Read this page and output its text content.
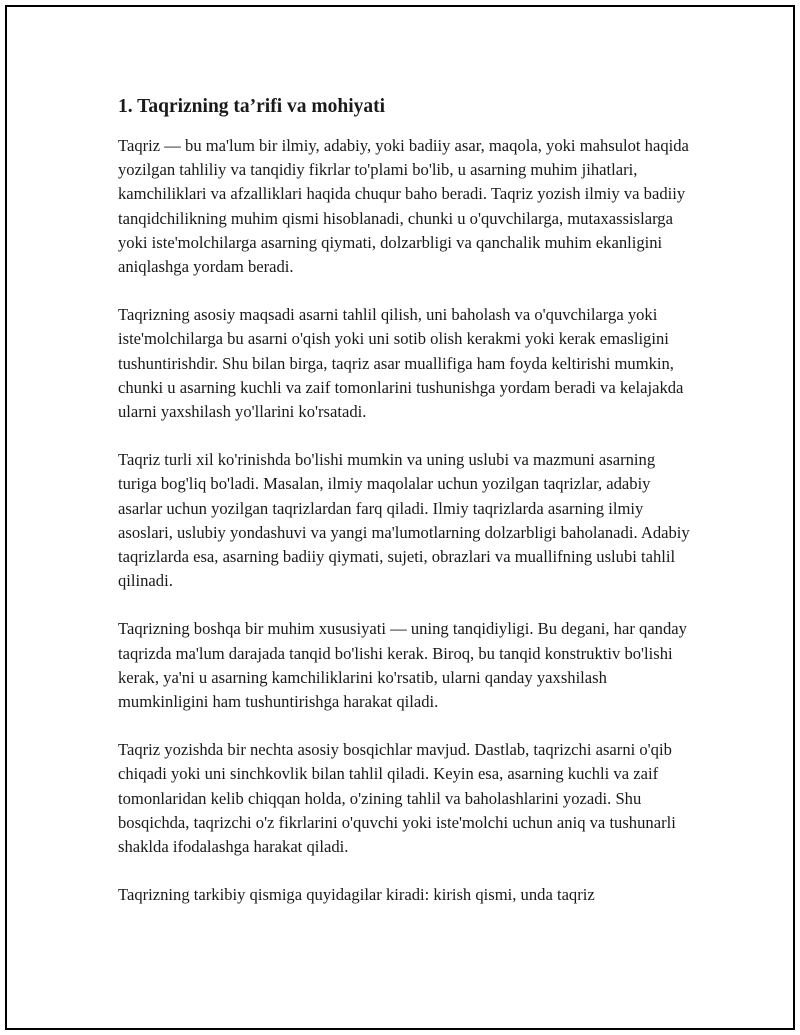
1. Taqrizning ta’rifi va mohiyati

Taqriz — bu ma'lum bir ilmiy, adabiy, yoki badiiy asar, maqola, yoki mahsulot haqida yozilgan tahliliy va tanqidiy fikrlar to'plami bo'lib, u asarning muhim jihatlari, kamchiliklari va afzalliklari haqida chuqur baho beradi. Taqriz yozish ilmiy va badiiy tanqidchilikning muhim qismi hisoblanadi, chunki u o'quvchilarga, mutaxassislarga yoki iste'molchilarga asarning qiymati, dolzarbligi va qanchalik muhim ekanligini aniqlashga yordam beradi.

Taqrizning asosiy maqsadi asarni tahlil qilish, uni baholash va o'quvchilarga yoki iste'molchilarga bu asarni o'qish yoki uni sotib olish kerakmi yoki kerak emasligini tushuntirishdir. Shu bilan birga, taqriz asar muallifiga ham foyda keltirishi mumkin, chunki u asarning kuchli va zaif tomonlarini tushunishga yordam beradi va kelajakda ularni yaxshilash yo'llarini ko'rsatadi.

Taqriz turli xil ko'rinishda bo'lishi mumkin va uning uslubi va mazmuni asarning turiga bog'liq bo'ladi. Masalan, ilmiy maqolalar uchun yozilgan taqrizlar, adabiy asarlar uchun yozilgan taqrizlardan farq qiladi. Ilmiy taqrizlarda asarning ilmiy asoslari, uslubiy yondashuvi va yangi ma'lumotlarning dolzarbligi baholanadi. Adabiy taqrizlarda esa, asarning badiiy qiymati, sujeti, obrazlari va muallifning uslubi tahlil qilinadi.

Taqrizning boshqa bir muhim xususiyati — uning tanqidiyligi. Bu degani, har qanday taqrizda ma'lum darajada tanqid bo'lishi kerak. Biroq, bu tanqid konstruktiv bo'lishi kerak, ya'ni u asarning kamchiliklarini ko'rsatib, ularni qanday yaxshilash mumkinligini ham tushuntirishga harakat qiladi.

Taqriz yozishda bir nechta asosiy bosqichlar mavjud. Dastlab, taqrizchi asarni o'qib chiqadi yoki uni sinchkovlik bilan tahlil qiladi. Keyin esa, asarning kuchli va zaif tomonlaridan kelib chiqqan holda, o'zining tahlil va baholashlarini yozadi. Shu bosqichda, taqrizchi o'z fikrlarini o'quvchi yoki iste'molchi uchun aniq va tushunarli shaklda ifodalashga harakat qiladi.

Taqrizning tarkibiy qismiga quyidagilar kiradi: kirish qismi, unda taqriz
